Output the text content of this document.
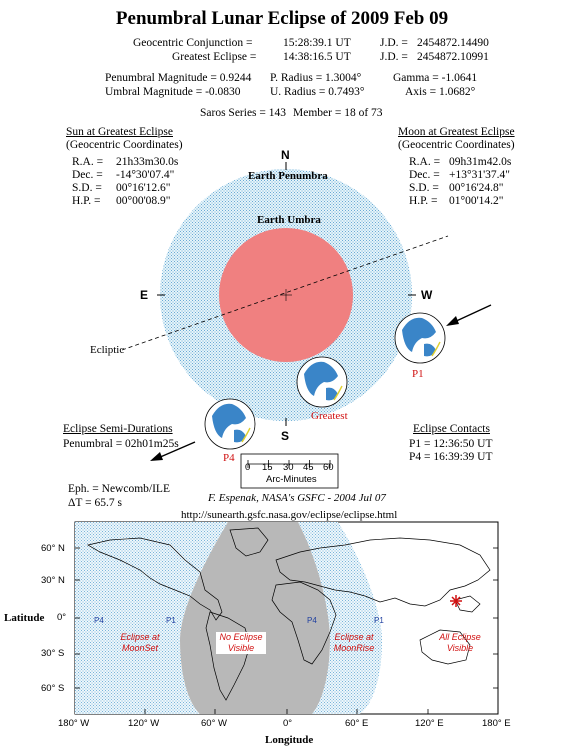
Penumbral Lunar Eclipse of 2009 Feb 09
Geocentric Conjunction =	15:28:39.1 UT	J.D. = 2454872.14490
Greatest Eclipse = 14:38:16.5 UT	J.D. = 2454872.10991
Penumbral Magnitude = 0.9244 P. Radius = 1.3004°	Gamma = -1.0641
Umbral Magnitude = -0.0830	U. Radius = 0.7493°	Axis = 1.0682°
Saros Series = 143 Member = 18 of 73
Sun at Greatest Eclipse
(Geocentric Coordinates)
R.A. = 21h33m30.0s
Dec. = -14°30'07.4"
S.D. = 00°16'12.6"
H.P. = 00°00'08.9"
Moon at Greatest Eclipse
(Geocentric Coordinates)
R.A. = 09h31m42.0s
Dec. = +13°31'37.4"
S.D. = 00°16'24.8"
H.P. = 01°00'14.2"
N
S
E	W
Earth Penumbra
Earth Umbra
Ecliptic
P1
Greatest
P4
0 15 30 45 60
Arc-Minutes
Eclipse Semi-Durations
Penumbral = 02h01m25s
Eclipse Contacts
P1 = 12:36:50 UT
P4 = 16:39:39 UT
Eph. = Newcomb/ILE
ΔT = 65.7 s	F. Espenak, NASA's GSFC - 2004 Jul 07
http://sunearth.gsfc.nasa.gov/eclipse/eclipse.html
60° N
30° N
0°
30° S
60° S
180° W	120° W	60° W	0°	60° E	120° E	180° E
Latitude
Longitude
P4	P1	P4	P1
Eclipse at
MoonSet
No Eclipse
Visible
Eclipse at
MoonRise
All Eclipse
Visible
